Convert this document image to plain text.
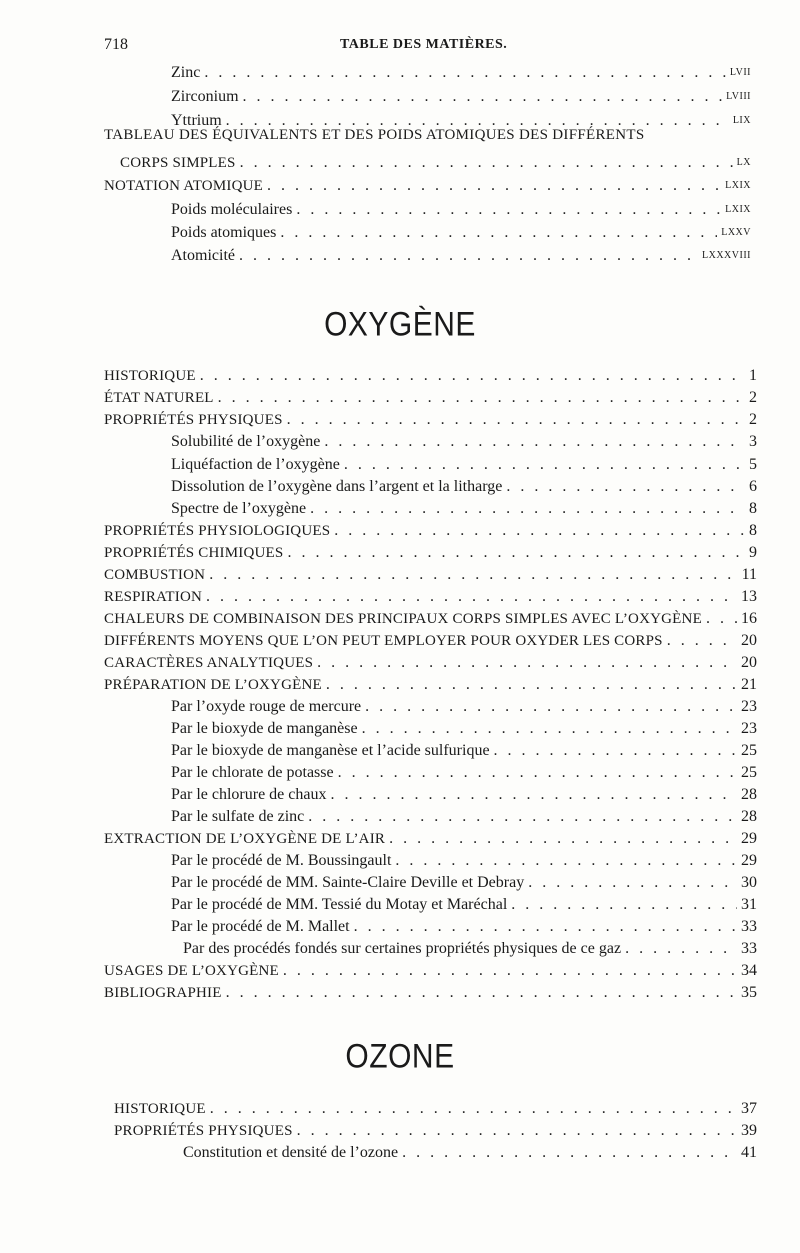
718	TABLE DES MATIÈRES.
Zinc . . .	LVII
Zirconium . . .	LVIII
Yttrium . . .	LIX
TABLEAU DES ÉQUIVALENTS ET DES POIDS ATOMIQUES DES DIFFÉRENTS
CORPS SIMPLES . . .	LX
NOTATION ATOMIQUE . . .	LXIX
Poids moléculaires . . .	LXIX
Poids atomiques . . .	LXXV
Atomicité . . .	LXXXVIII
OXYGÈNE
HISTORIQUE . . .	1
ÉTAT NATUREL . . .	2
PROPRIÉTÉS PHYSIQUES . . .	2
Solubilité de l’oxygène . . .	3
Liquéfaction de l’oxygène . . .	5
Dissolution de l’oxygène dans l’argent et la litharge . . .	6
Spectre de l’oxygène . . .	8
PROPRIÉTÉS PHYSIOLOGIQUES . . .	8
PROPRIÉTÉS CHIMIQUES . . .	9
COMBUSTION . . .	11
RESPIRATION . . .	13
CHALEURS DE COMBINAISON DES PRINCIPAUX CORPS SIMPLES AVEC L’OXYGÈNE . . . 16
DIFFÉRENTS MOYENS QUE L’ON PEUT EMPLOYER POUR OXYDER LES CORPS . . .	20
CARACTÈRES ANALYTIQUES . . .	20
PRÉPARATION DE L’OXYGÈNE . . .	21
Par l’oxyde rouge de mercure . . .	23
Par le bioxyde de manganèse . . .	23
Par le bioxyde de manganèse et l’acide sulfurique . . .	25
Par le chlorate de potasse . . .	25
Par le chlorure de chaux . . .	28
Par le sulfate de zinc . . .	28
EXTRACTION DE L’OXYGÈNE DE L’AIR . . .	29
Par le procédé de M. Boussingault . . .	29
Par le procédé de MM. Sainte-Claire Deville et Debray . . .	30
Par le procédé de MM. Tessié du Motay et Maréchal . . .	31
Par le procédé de M. Mallet . . .	33
Par des procédés fondés sur certaines propriétés physiques de ce gaz . . .	33
USAGES DE L’OXYGÈNE . . .	34
BIBLIOGRAPHIE . . .	35
OZONE
HISTORIQUE . . .	37
PROPRIÉTÉS PHYSIQUES . . .	39
Constitution et densité de l’ozone . . .	41
